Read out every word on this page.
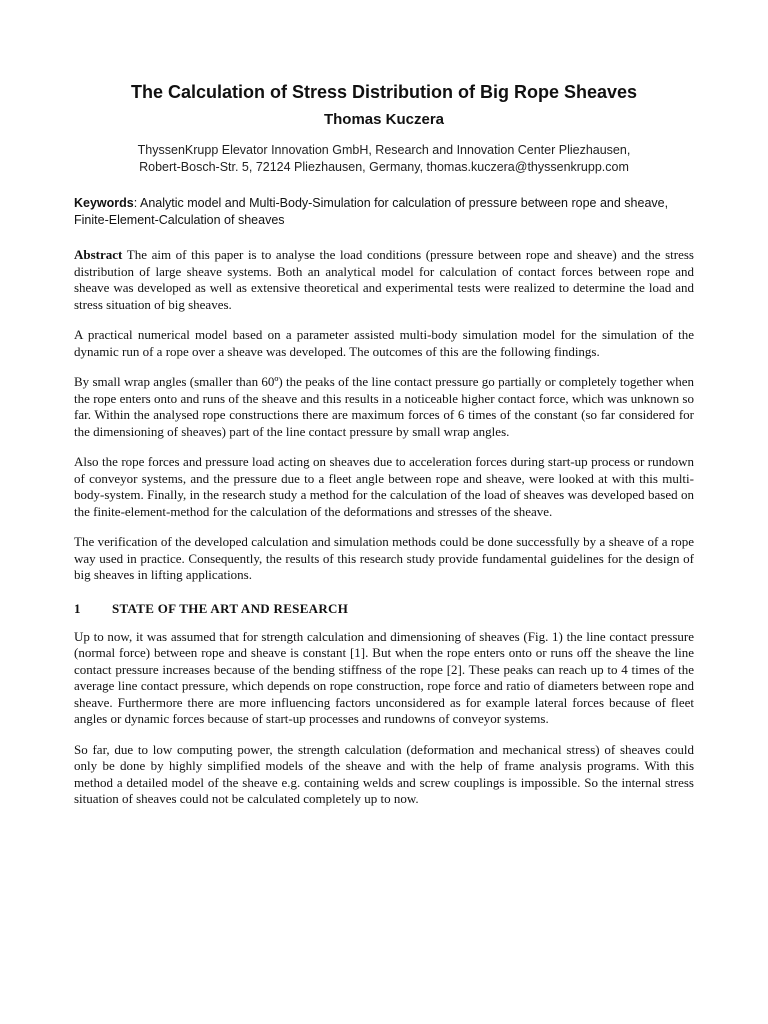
The Calculation of Stress Distribution of Big Rope Sheaves
Thomas Kuczera
ThyssenKrupp Elevator Innovation GmbH, Research and Innovation Center Pliezhausen,
Robert-Bosch-Str. 5, 72124 Pliezhausen, Germany, thomas.kuczera@thyssenkrupp.com
Keywords: Analytic model and Multi-Body-Simulation for calculation of pressure between rope and sheave, Finite-Element-Calculation of sheaves

Abstract The aim of this paper is to analyse the load conditions (pressure between rope and sheave) and the stress distribution of large sheave systems. Both an analytical model for calculation of contact forces between rope and sheave was developed as well as extensive theoretical and experimental tests were realized to determine the load and stress situation of big sheaves.

A practical numerical model based on a parameter assisted multi-body simulation model for the simulation of the dynamic run of a rope over a sheave was developed. The outcomes of this are the following findings.

By small wrap angles (smaller than 60º) the peaks of the line contact pressure go partially or completely together when the rope enters onto and runs of the sheave and this results in a noticeable higher contact force, which was unknown so far. Within the analysed rope constructions there are maximum forces of 6 times of the constant (so far considered for the dimensioning of sheaves) part of the line contact pressure by small wrap angles.

Also the rope forces and pressure load acting on sheaves due to acceleration forces during start-up process or rundown of conveyor systems, and the pressure due to a fleet angle between rope and sheave, were looked at with this multi-body-system. Finally, in the research study a method for the calculation of the load of sheaves was developed based on the finite-element-method for the calculation of the deformations and stresses of the sheave.

The verification of the developed calculation and simulation methods could be done successfully by a sheave of a rope way used in practice. Consequently, the results of this research study provide fundamental guidelines for the design of big sheaves in lifting applications.

1 STATE OF THE ART AND RESEARCH

Up to now, it was assumed that for strength calculation and dimensioning of sheaves (Fig. 1) the line contact pressure (normal force) between rope and sheave is constant [1]. But when the rope enters onto or runs off the sheave the line contact pressure increases because of the bending stiffness of the rope [2]. These peaks can reach up to 4 times of the average line contact pressure, which depends on rope construction, rope force and ratio of diameters between rope and sheave. Furthermore there are more influencing factors unconsidered as for example lateral forces because of fleet angles or dynamic forces because of start-up processes and rundowns of conveyor systems.

So far, due to low computing power, the strength calculation (deformation and mechanical stress) of sheaves could only be done by highly simplified models of the sheave and with the help of frame analysis programs. With this method a detailed model of the sheave e.g. containing welds and screw couplings is impossible. So the internal stress situation of sheaves could not be calculated completely up to now.
